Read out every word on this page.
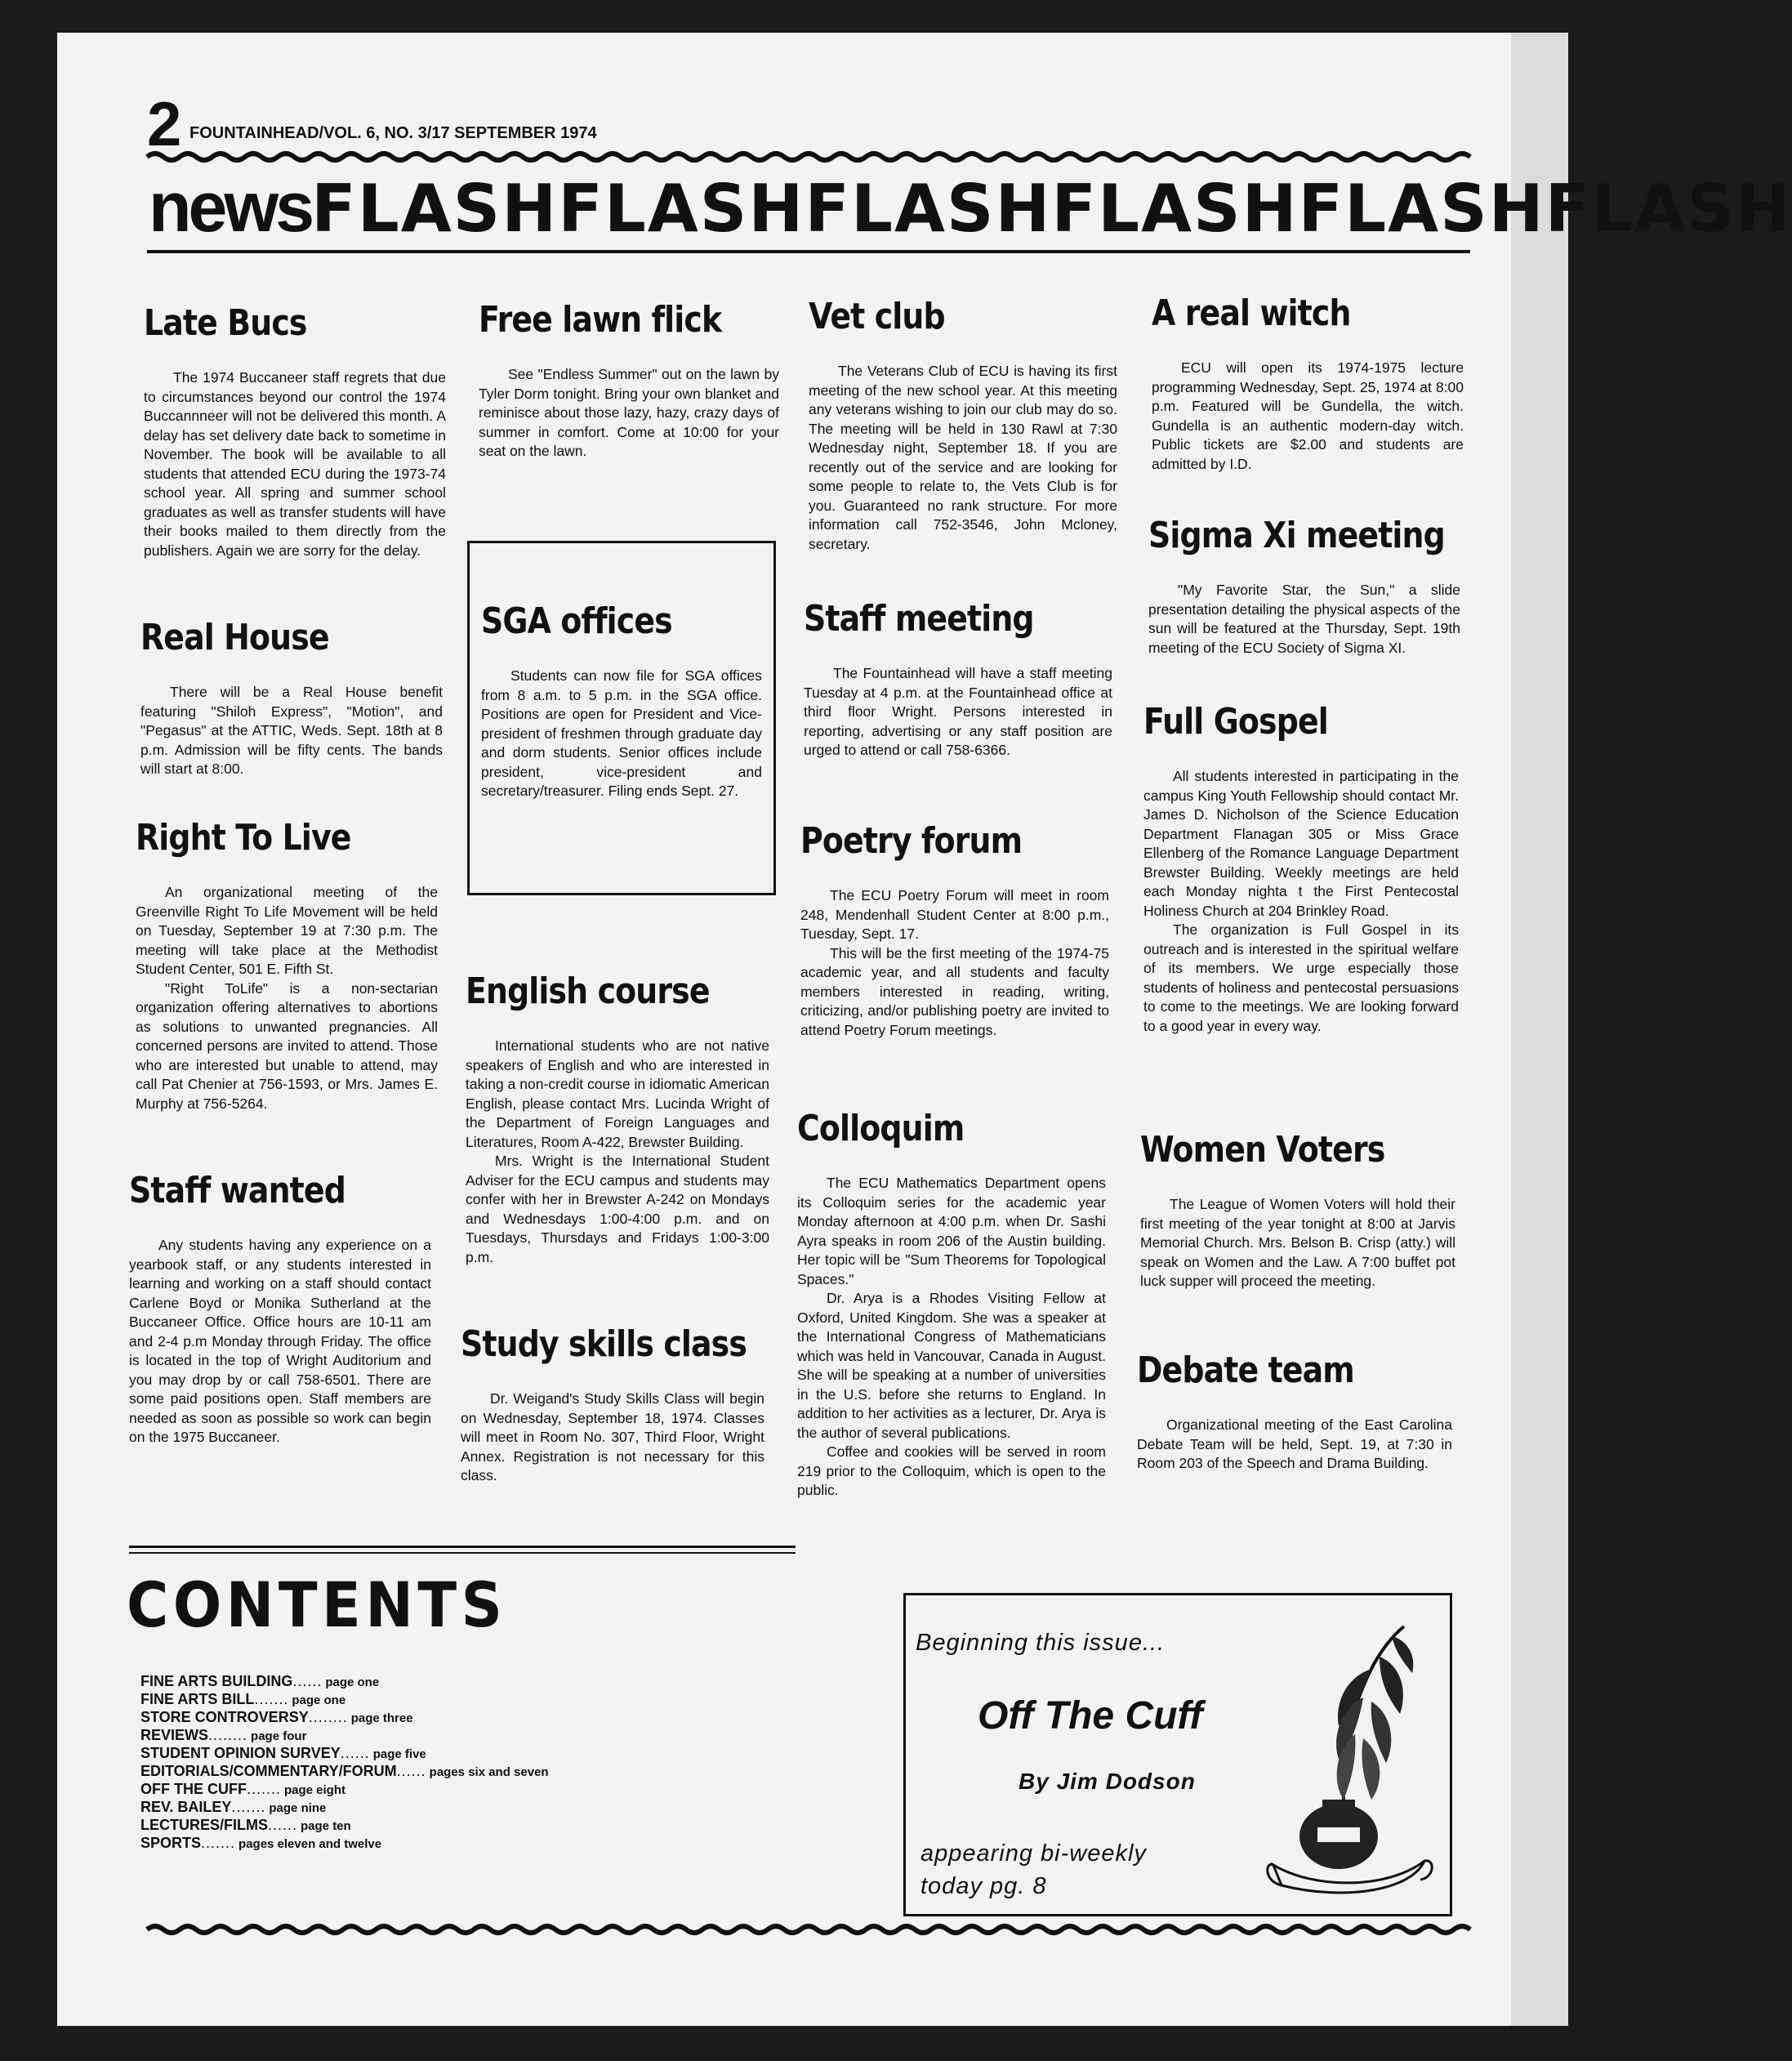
2 FOUNTAINHEAD/VOL. 6, NO. 3/17 SEPTEMBER 1974
newsFLASHFLASHFLASHFLASHFLASHFLASH
Late Bucs

The 1974 Buccaneer staff regrets that due to circumstances beyond our control the 1974 Buccannneer will not be delivered this month. A delay has set delivery date back to sometime in November. The book will be available to all students that attended ECU during the 1973-74 school year. All spring and summer school graduates as well as transfer students will have their books mailed to them directly from the publishers. Again we are sorry for the delay.

Real House

There will be a Real House benefit featuring "Shiloh Express", "Motion", and "Pegasus" at the ATTIC, Weds. Sept. 18th at 8 p.m. Admission will be fifty cents. The bands will start at 8:00.

Right To Live

An organizational meeting of the Greenville Right To Life Movement will be held on Tuesday, September 19 at 7:30 p.m. The meeting will take place at the Methodist Student Center, 501 E. Fifth St.

"Right ToLife" is a non-sectarian organization offering alternatives to abortions as solutions to unwanted pregnancies. All concerned persons are invited to attend. Those who are interested but unable to attend, may call Pat Chenier at 756-1593, or Mrs. James E. Murphy at 756-5264.

Staff wanted

Any students having any experience on a yearbook staff, or any students interested in learning and working on a staff should contact Carlene Boyd or Monika Sutherland at the Buccaneer Office. Office hours are 10-11 am and 2-4 p.m Monday through Friday. The office is located in the top of Wright Auditorium and you may drop by or call 758-6501. There are some paid positions open. Staff members are needed as soon as possible so work can begin on the 1975 Buccaneer.

Free lawn flick

See "Endless Summer" out on the lawn by Tyler Dorm tonight. Bring your own blanket and reminisce about those lazy, hazy, crazy days of summer in comfort. Come at 10:00 for your seat on the lawn.

SGA offices

Students can now file for SGA offices from 8 a.m. to 5 p.m. in the SGA office. Positions are open for President and Vice-president of freshmen through graduate day and dorm students. Senior offices include president, vice-president and secretary/treasurer. Filing ends Sept. 27.

English course

International students who are not native speakers of English and who are interested in taking a non-credit course in idiomatic American English, please contact Mrs. Lucinda Wright of the Department of Foreign Languages and Literatures, Room A-422, Brewster Building.

Mrs. Wright is the International Student Adviser for the ECU campus and students may confer with her in Brewster A-242 on Mondays and Wednesdays 1:00-4:00 p.m. and on Tuesdays, Thursdays and Fridays 1:00-3:00 p.m.

Study skills class

Dr. Weigand's Study Skills Class will begin on Wednesday, September 18, 1974. Classes will meet in Room No. 307, Third Floor, Wright Annex. Registration is not necessary for this class.

Vet club

The Veterans Club of ECU is having its first meeting of the new school year. At this meeting any veterans wishing to join our club may do so. The meeting will be held in 130 Rawl at 7:30 Wednesday night, September 18. If you are recently out of the service and are looking for some people to relate to, the Vets Club is for you. Guaranteed no rank structure. For more information call 752-3546, John Mcloney, secretary.

Staff meeting

The Fountainhead will have a staff meeting Tuesday at 4 p.m. at the Fountainhead office at third floor Wright. Persons interested in reporting, advertising or any staff position are urged to attend or call 758-6366.

Poetry forum

The ECU Poetry Forum will meet in room 248, Mendenhall Student Center at 8:00 p.m., Tuesday, Sept. 17.

This will be the first meeting of the 1974-75 academic year, and all students and faculty members interested in reading, writing, criticizing, and/or publishing poetry are invited to attend Poetry Forum meetings.

Colloquim

The ECU Mathematics Department opens its Colloquim series for the academic year Monday afternoon at 4:00 p.m. when Dr. Sashi Ayra speaks in room 206 of the Austin building. Her topic will be "Sum Theorems for Topological Spaces."

Dr. Arya is a Rhodes Visiting Fellow at Oxford, United Kingdom. She was a speaker at the International Congress of Mathematicians which was held in Vancouvar, Canada in August. She will be speaking at a number of universities in the U.S. before she returns to England. In addition to her activities as a lecturer, Dr. Arya is the author of several publications.

Coffee and cookies will be served in room 219 prior to the Colloquim, which is open to the public.

A real witch

ECU will open its 1974-1975 lecture programming Wednesday, Sept. 25, 1974 at 8:00 p.m. Featured will be Gundella, the witch. Gundella is an authentic modern-day witch. Public tickets are $2.00 and students are admitted by I.D.

Sigma Xi meeting

"My Favorite Star, the Sun," a slide presentation detailing the physical aspects of the sun will be featured at the Thursday, Sept. 19th meeting of the ECU Society of Sigma XI.

Full Gospel

All students interested in participating in the campus King Youth Fellowship should contact Mr. James D. Nicholson of the Science Education Department Flanagan 305 or Miss Grace Ellenberg of the Romance Language Department Brewster Building. Weekly meetings are held each Monday nighta t the First Pentecostal Holiness Church at 204 Brinkley Road.

The organization is Full Gospel in its outreach and is interested in the spiritual welfare of its members. We urge especially those students of holiness and pentecostal persuasions to come to the meetings. We are looking forward to a good year in every way.

Women Voters

The League of Women Voters will hold their first meeting of the year tonight at 8:00 at Jarvis Memorial Church. Mrs. Belson B. Crisp (atty.) will speak on Women and the Law. A 7:00 buffet pot luck supper will proceed the meeting.

Debate team

Organizational meeting of the East Carolina Debate Team will be held, Sept. 19, at 7:30 in Room 203 of the Speech and Drama Building.

CONTENTS
FINE ARTS BUILDING...... page one
FINE ARTS BILL....... page one
STORE CONTROVERSY........ page three
REVIEWS........ page four
STUDENT OPINION SURVEY...... page five
EDITORIALS/COMMENTARY/FORUM...... pages six and seven
OFF THE CUFF....... page eight
REV. BAILEY....... page nine
LECTURES/FILMS...... page ten
SPORTS....... pages eleven and twelve
Beginning this issue...
Off The Cuff
By Jim Dodson
appearing bi-weekly
today pg. 8
